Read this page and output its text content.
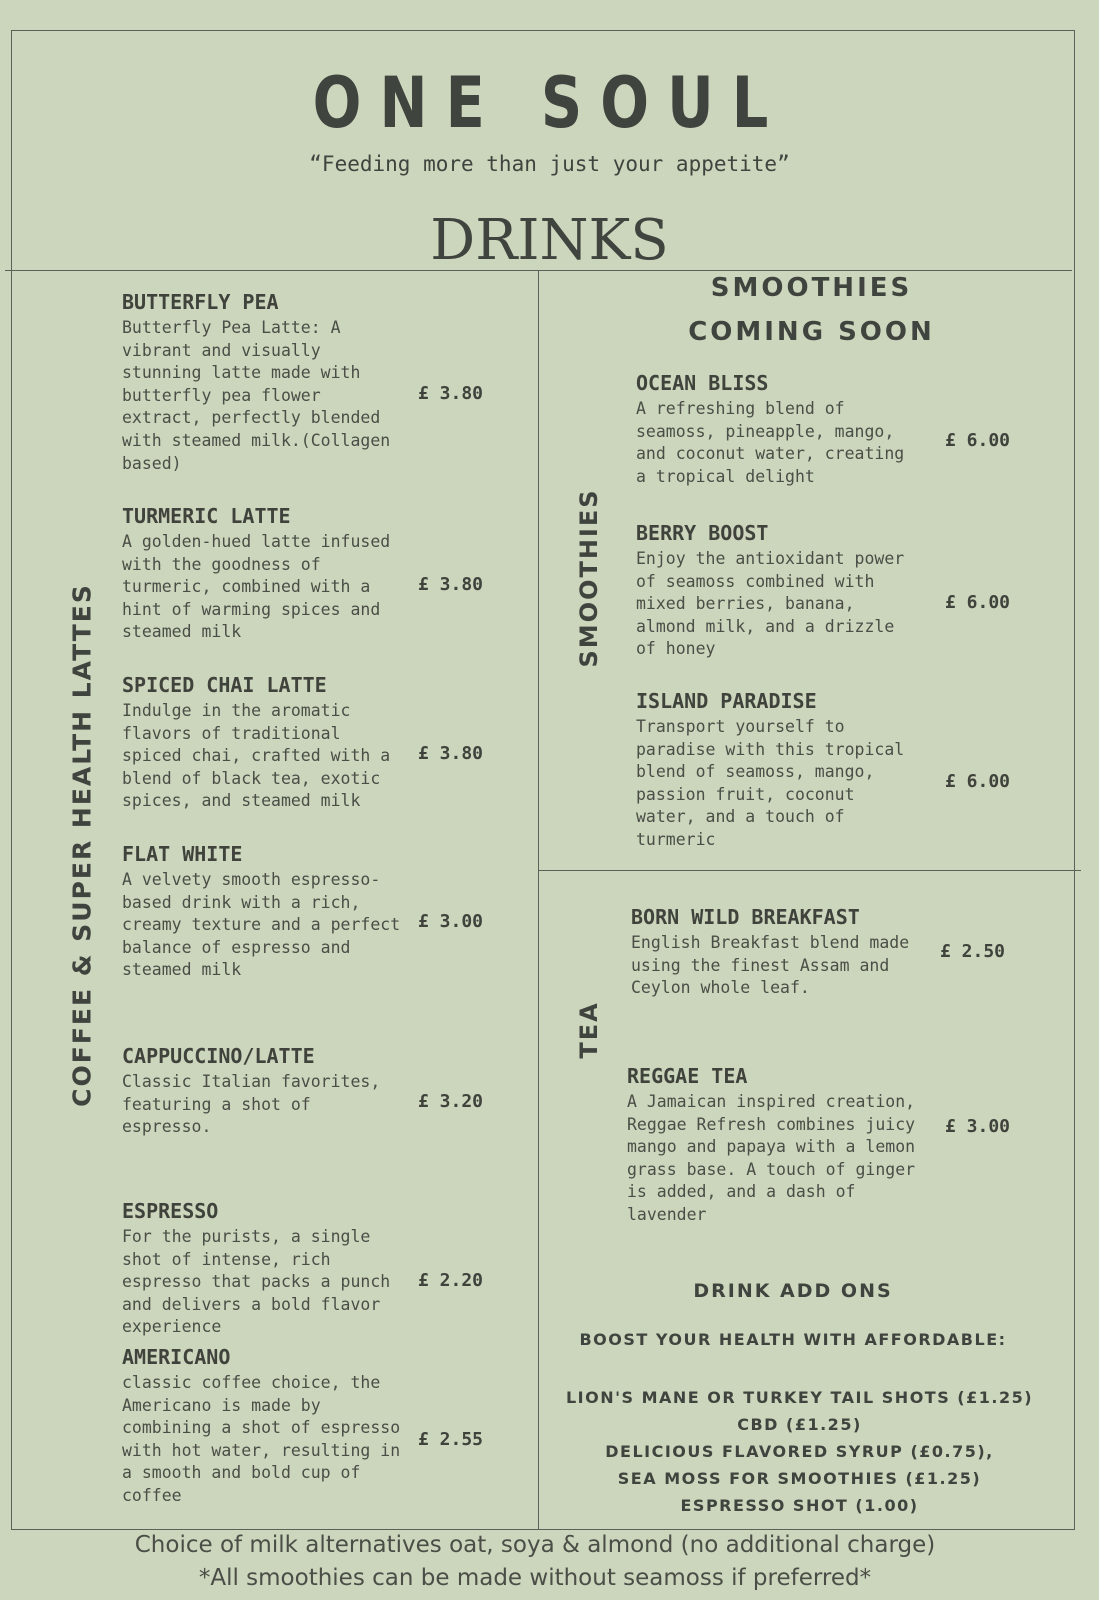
ONE SOUL
“Feeding more than just your appetite”
DRINKS
COFFEE & SUPER HEALTH LATTES
SMOOTHIES
TEA
SMOOTHIES
COMING SOON
BUTTERFLY PEA
Butterfly Pea Latte: A vibrant and visually stunning latte made with butterfly pea flower extract, perfectly blended with steamed milk.(Collagen based)
£ 3.80
TURMERIC LATTE
A golden-hued latte infused with the goodness of turmeric, combined with a hint of warming spices and steamed milk
£ 3.80
SPICED CHAI LATTE
Indulge in the aromatic flavors of traditional spiced chai, crafted with a blend of black tea, exotic spices, and steamed milk
£ 3.80
FLAT WHITE
A velvety smooth espresso-based drink with a rich, creamy texture and a perfect balance of espresso and steamed milk
£ 3.00
CAPPUCCINO/LATTE
Classic Italian favorites, featuring a shot of espresso.
£ 3.20
ESPRESSO
For the purists, a single shot of intense, rich espresso that packs a punch and delivers a bold flavor experience
£ 2.20
AMERICANO
classic coffee choice, the Americano is made by combining a shot of espresso with hot water, resulting in a smooth and bold cup of coffee
£ 2.55
OCEAN BLISS
A refreshing blend of seamoss, pineapple, mango, and coconut water, creating a tropical delight
£ 6.00
BERRY BOOST
Enjoy the antioxidant power of seamoss combined with mixed berries, banana, almond milk, and a drizzle of honey
£ 6.00
ISLAND PARADISE
Transport yourself to paradise with this tropical blend of seamoss, mango, passion fruit, coconut water, and a touch of turmeric
£ 6.00
BORN WILD BREAKFAST
English Breakfast blend made using the finest Assam and Ceylon whole leaf.
£ 2.50
REGGAE TEA
A Jamaican inspired creation, Reggae Refresh combines juicy mango and papaya with a lemon grass base. A touch of ginger is added, and a dash of lavender
£ 3.00
DRINK ADD ONS
BOOST YOUR HEALTH WITH AFFORDABLE:
LION'S MANE OR TURKEY TAIL SHOTS (£1.25)
CBD (£1.25)
DELICIOUS FLAVORED SYRUP (£0.75),
SEA MOSS FOR SMOOTHIES (£1.25)
ESPRESSO SHOT (1.00)
Choice of milk alternatives oat, soya & almond (no additional charge)
*All smoothies can be made without seamoss if preferred*
